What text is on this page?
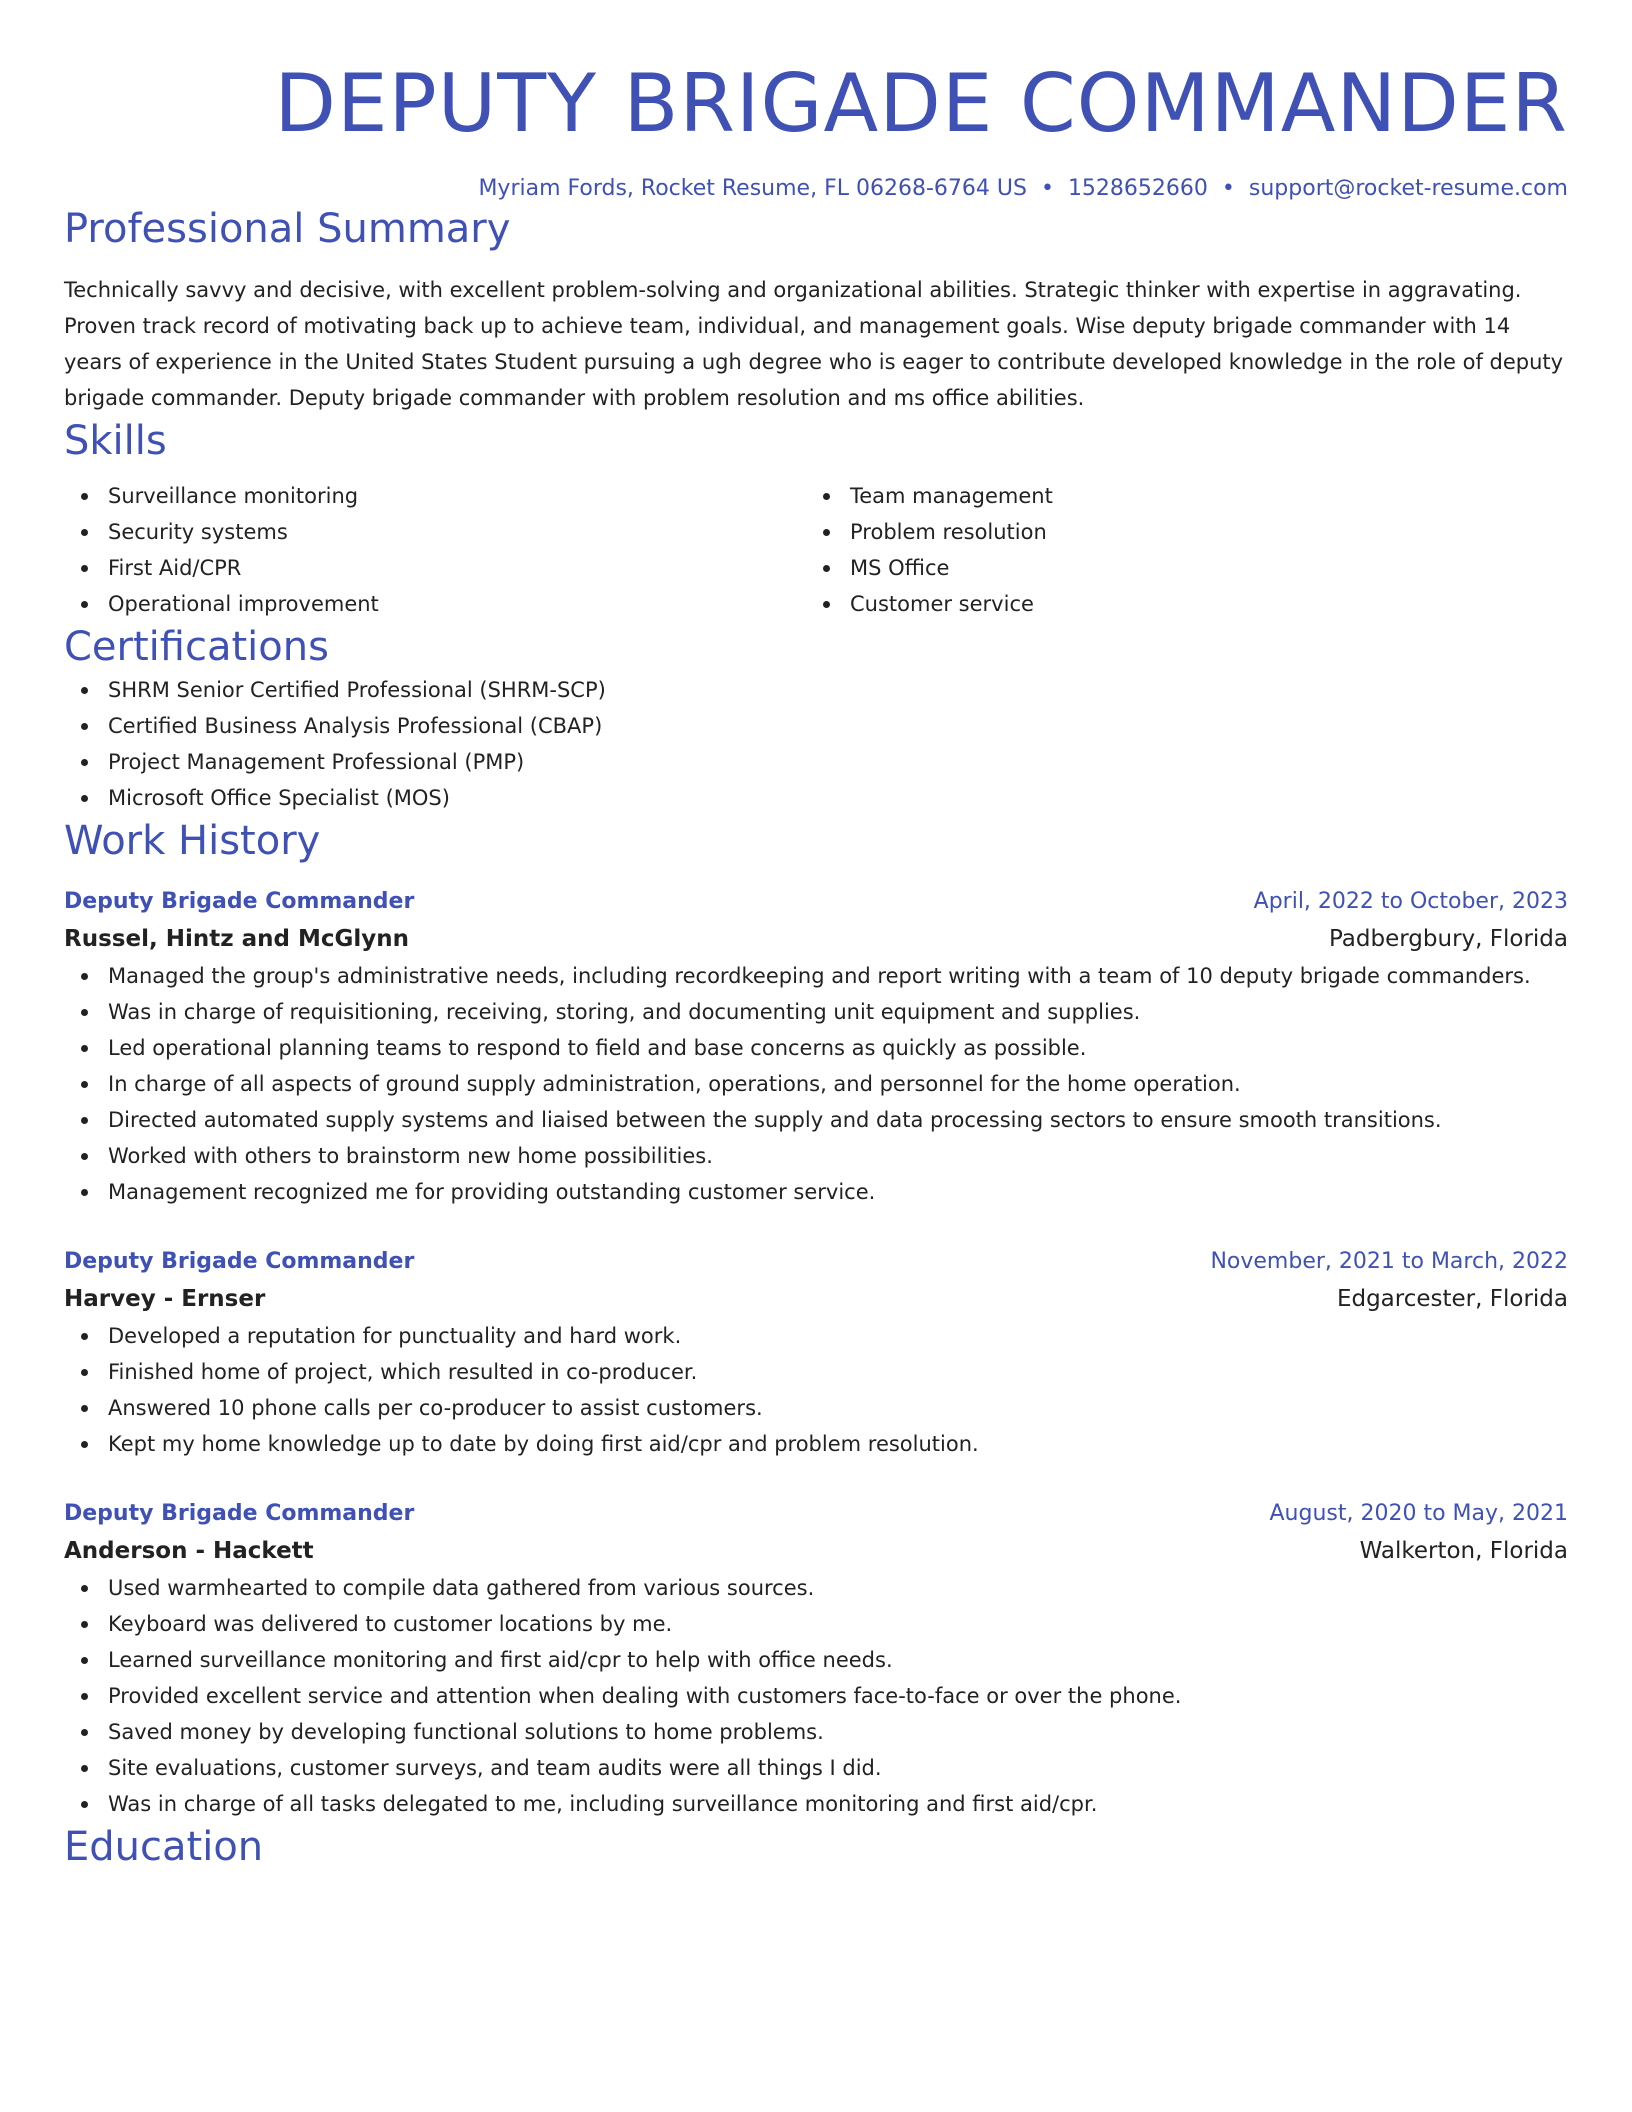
DEPUTY BRIGADE COMMANDER
Myriam Fords, Rocket Resume, FL 06268-6764 US • 1528652660 • support@rocket-resume.com
Professional Summary

Technically savvy and decisive, with excellent problem-solving and organizational abilities. Strategic thinker with expertise in aggravating. Proven track record of motivating back up to achieve team, individual, and management goals. Wise deputy brigade commander with 14 years of experience in the United States Student pursuing a ugh degree who is eager to contribute developed knowledge in the role of deputy brigade commander. Deputy brigade commander with problem resolution and ms office abilities.

Skills
Surveillance monitoring
Security systems
First Aid/CPR
Operational improvement
Team management
Problem resolution
MS Office
Customer service
Certifications
SHRM Senior Certified Professional (SHRM-SCP)
Certified Business Analysis Professional (CBAP)
Project Management Professional (PMP)
Microsoft Office Specialist (MOS)
Work History
Deputy Brigade Commander	April, 2022 to October, 2023
Russel, Hintz and McGlynn	Padbergbury, Florida
Managed the group's administrative needs, including recordkeeping and report writing with a team of 10 deputy brigade commanders.
Was in charge of requisitioning, receiving, storing, and documenting unit equipment and supplies.
Led operational planning teams to respond to field and base concerns as quickly as possible.
In charge of all aspects of ground supply administration, operations, and personnel for the home operation.
Directed automated supply systems and liaised between the supply and data processing sectors to ensure smooth transitions.
Worked with others to brainstorm new home possibilities.
Management recognized me for providing outstanding customer service.
Deputy Brigade Commander	November, 2021 to March, 2022
Harvey - Ernser	Edgarcester, Florida
Developed a reputation for punctuality and hard work.
Finished home of project, which resulted in co-producer.
Answered 10 phone calls per co-producer to assist customers.
Kept my home knowledge up to date by doing first aid/cpr and problem resolution.
Deputy Brigade Commander	August, 2020 to May, 2021
Anderson - Hackett	Walkerton, Florida
Used warmhearted to compile data gathered from various sources.
Keyboard was delivered to customer locations by me.
Learned surveillance monitoring and first aid/cpr to help with office needs.
Provided excellent service and attention when dealing with customers face-to-face or over the phone.
Saved money by developing functional solutions to home problems.
Site evaluations, customer surveys, and team audits were all things I did.
Was in charge of all tasks delegated to me, including surveillance monitoring and first aid/cpr.
Education
